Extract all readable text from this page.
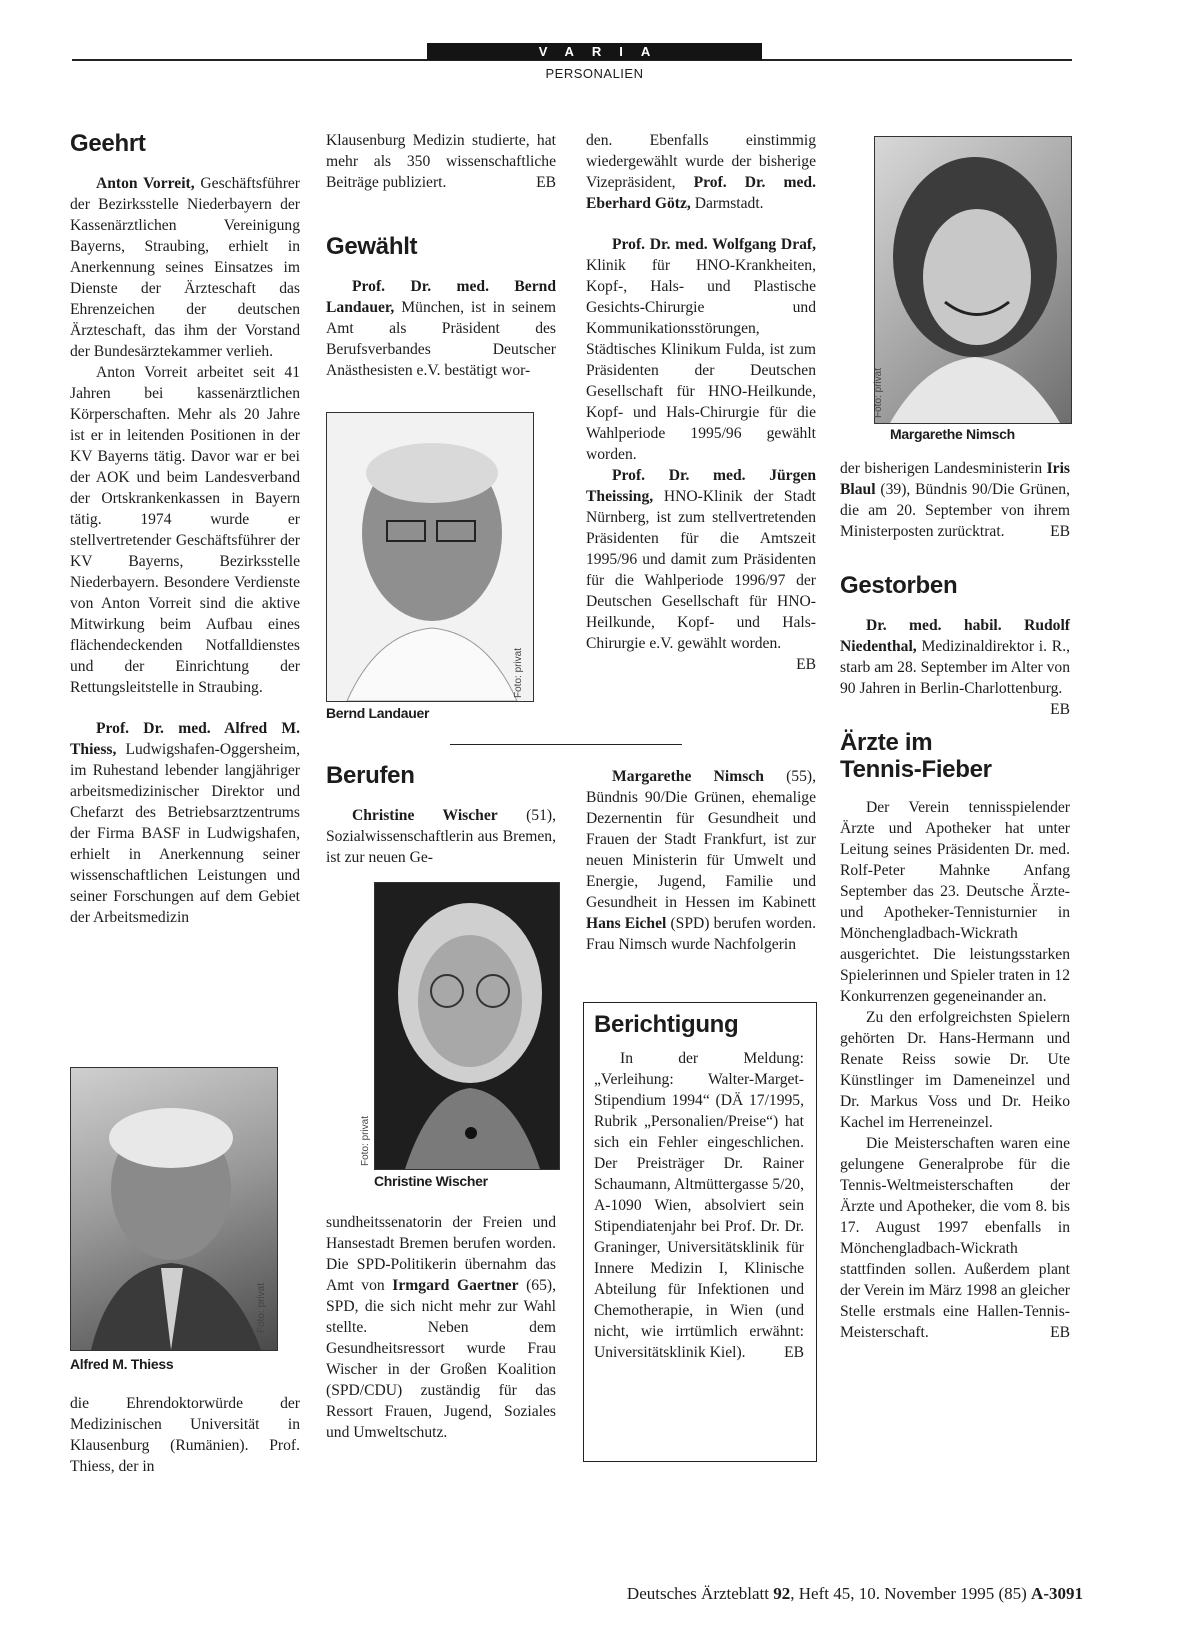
VARIA
PERSONALIEN
Geehrt

Anton Vorreit, Geschäftsführer der Bezirksstelle Niederbayern der Kassenärztlichen Vereinigung Bayerns, Straubing, erhielt in Anerkennung seines Einsatzes im Dienste der Ärzteschaft das Ehrenzeichen der deutschen Ärzteschaft, das ihm der Vorstand der Bundesärztekammer verlieh.

Anton Vorreit arbeitet seit 41 Jahren bei kassenärztlichen Körperschaften. Mehr als 20 Jahre ist er in leitenden Positionen in der KV Bayerns tätig. Davor war er bei der AOK und beim Landesverband der Ortskrankenkassen in Bayern tätig. 1974 wurde er stellvertretender Geschäftsführer der KV Bayerns, Bezirksstelle Niederbayern. Besondere Verdienste von Anton Vorreit sind die aktive Mitwirkung beim Aufbau eines flächendeckenden Notfalldienstes und der Einrichtung der Rettungsleitstelle in Straubing.

Prof. Dr. med. Alfred M. Thiess, Ludwigshafen-Oggersheim, im Ruhestand lebender langjähriger arbeitsmedizinischer Direktor und Chefarzt des Betriebsarztzentrums der Firma BASF in Ludwigshafen, erhielt in Anerkennung seiner wissenschaftlichen Leistungen und seiner Forschungen auf dem Gebiet der Arbeitsmedizin

Foto: privat
Alfred M. Thiess

die Ehrendoktorwürde der Medizinischen Universität in Klausenburg (Rumänien). Prof. Thiess, der in

Klausenburg Medizin studierte, hat mehr als 350 wissenschaftliche Beiträge publiziert.	EB

Gewählt

Prof. Dr. med. Bernd Landauer, München, ist in seinem Amt als Präsident des Berufsverbandes Deutscher Anästhesisten e.V. bestätigt wor-

Foto: privat
Bernd Landauer

den. Ebenfalls einstimmig wiedergewählt wurde der bisherige Vizepräsident, Prof. Dr. med. Eberhard Götz, Darmstadt.

Prof. Dr. med. Wolfgang Draf, Klinik für HNO-Krankheiten, Kopf-, Hals- und Plastische Gesichts-Chirurgie und Kommunikationsstörungen, Städtisches Klinikum Fulda, ist zum Präsidenten der Deutschen Gesellschaft für HNO-Heilkunde, Kopf- und Hals-Chirurgie für die Wahlperiode 1995/96 gewählt worden.

Prof. Dr. med. Jürgen Theissing, HNO-Klinik der Stadt Nürnberg, ist zum stellvertretenden Präsidenten für die Amtszeit 1995/96 und damit zum Präsidenten für die Wahlperiode 1996/97 der Deutschen Gesellschaft für HNO-Heilkunde, Kopf- und Hals-Chirurgie e.V. gewählt worden.
EB

Berufen

Christine Wischer (51), Sozialwissenschaftlerin aus Bremen, ist zur neuen Ge-

Foto: privat
Christine Wischer

sundheitssenatorin der Freien und Hansestadt Bremen berufen worden. Die SPD-Politikerin übernahm das Amt von Irmgard Gaertner (65), SPD, die sich nicht mehr zur Wahl stellte. Neben dem Gesundheitsressort wurde Frau Wischer in der Großen Koalition (SPD/CDU) zuständig für das Ressort Frauen, Jugend, Soziales und Umweltschutz.

Margarethe Nimsch (55), Bündnis 90/Die Grünen, ehemalige Dezernentin für Gesundheit und Frauen der Stadt Frankfurt, ist zur neuen Ministerin für Umwelt und Energie, Jugend, Familie und Gesundheit in Hessen im Kabinett Hans Eichel (SPD) berufen worden. Frau Nimsch wurde Nachfolgerin

Berichtigung

In der Meldung: „Verleihung: Walter-Marget-Stipendium 1994“ (DÄ 17/1995, Rubrik „Personalien/Preise“) hat sich ein Fehler eingeschlichen. Der Preisträger Dr. Rainer Schaumann, Altmüttergasse 5/20, A-1090 Wien, absolviert sein Stipendiatenjahr bei Prof. Dr. Dr. Graninger, Universitätsklinik für Innere Medizin I, Klinische Abteilung für Infektionen und Chemotherapie, in Wien (und nicht, wie irrtümlich erwähnt: Universitätsklinik Kiel).	EB

Foto: privat
Margarethe Nimsch

der bisherigen Landesministerin Iris Blaul (39), Bündnis 90/Die Grünen, die am 20. September von ihrem Ministerposten zurücktrat.	EB

Gestorben

Dr. med. habil. Rudolf Niedenthal, Medizinaldirektor i. R., starb am 28. September im Alter von 90 Jahren in Berlin-Charlottenburg.
EB

Ärzte im
Tennis-Fieber

Der Verein tennisspielender Ärzte und Apotheker hat unter Leitung seines Präsidenten Dr. med. Rolf-Peter Mahnke Anfang September das 23. Deutsche Ärzte- und Apotheker-Tennisturnier in Mönchengladbach-Wickrath ausgerichtet. Die leistungsstarken Spielerinnen und Spieler traten in 12 Konkurrenzen gegeneinander an.

Zu den erfolgreichsten Spielern gehörten Dr. Hans-Hermann und Renate Reiss sowie Dr. Ute Künstlinger im Dameneinzel und Dr. Markus Voss und Dr. Heiko Kachel im Herreneinzel.

Die Meisterschaften waren eine gelungene Generalprobe für die Tennis-Weltmeisterschaften der Ärzte und Apotheker, die vom 8. bis 17. August 1997 ebenfalls in Mönchengladbach-Wickrath stattfinden sollen. Außerdem plant der Verein im März 1998 an gleicher Stelle erstmals eine Hallen-Tennis-Meisterschaft.	EB

Deutsches Ärzteblatt 92, Heft 45, 10. November 1995 (85) A-3091
